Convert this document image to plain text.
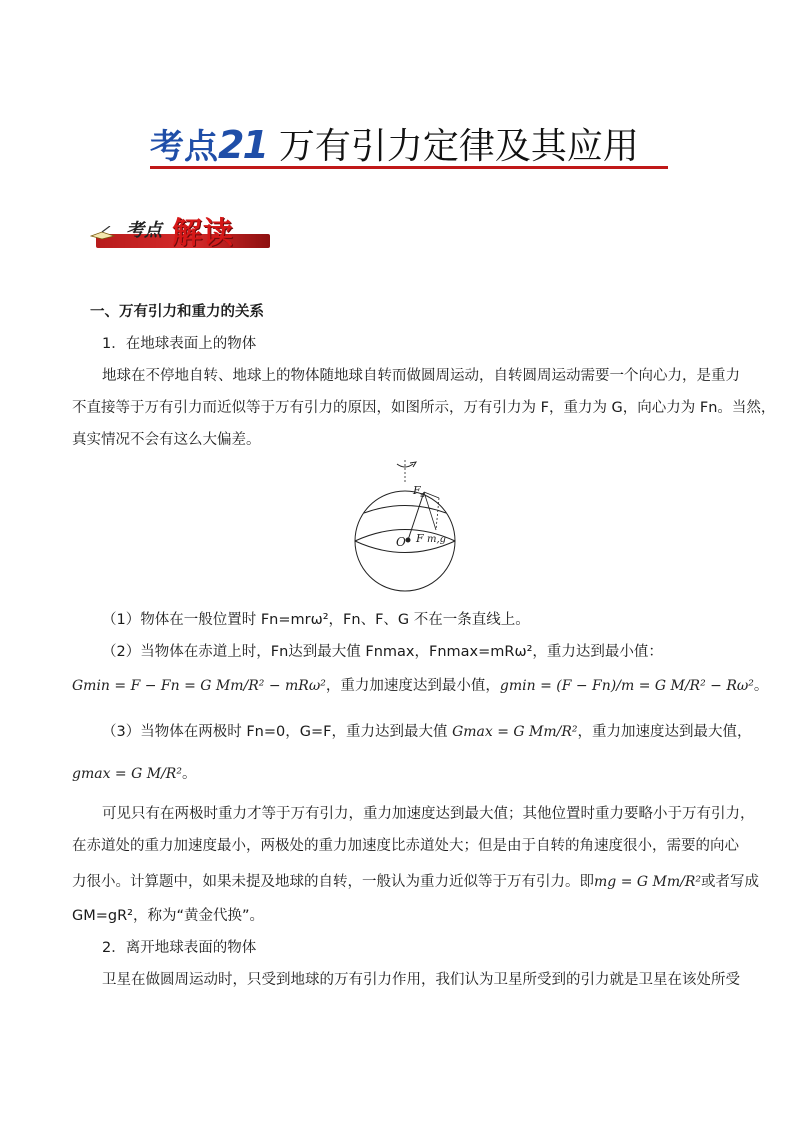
考点 21 万有引力定律及其应用
考点 解读
一、万有引力和重力的关系
1．在地球表面上的物体
地球在不停地自转、地球上的物体随地球自转而做圆周运动，自转圆周运动需要一个向心力，是重力
不直接等于万有引力而近似等于万有引力的原因，如图所示，万有引力为 F，重力为 G，向心力为 Fn。当然，
真实情况不会有这么大偏差。
O
F n
F m,g
（1）物体在一般位置时 Fn=mrω²，Fn、F、G 不在一条直线上。
（2）当物体在赤道上时，Fn达到最大值 Fnmax，Fnmax=mRω²，重力达到最小值：
Gmin = F − Fn = G Mm/R² − mRω²，重力加速度达到最小值，gmin = (F − Fn)/m = G M/R² − Rω²。
（3）当物体在两极时 Fn=0，G=F，重力达到最大值 Gmax = G Mm/R²，重力加速度达到最大值，
gmax = G M/R²。
可见只有在两极时重力才等于万有引力，重力加速度达到最大值；其他位置时重力要略小于万有引力，
在赤道处的重力加速度最小，两极处的重力加速度比赤道处大；但是由于自转的角速度很小，需要的向心
力很小。计算题中，如果未提及地球的自转，一般认为重力近似等于万有引力。即mg = G Mm/R²或者写成
GM=gR²，称为“黄金代换”。
2．离开地球表面的物体
卫星在做圆周运动时，只受到地球的万有引力作用，我们认为卫星所受到的引力就是卫星在该处所受
